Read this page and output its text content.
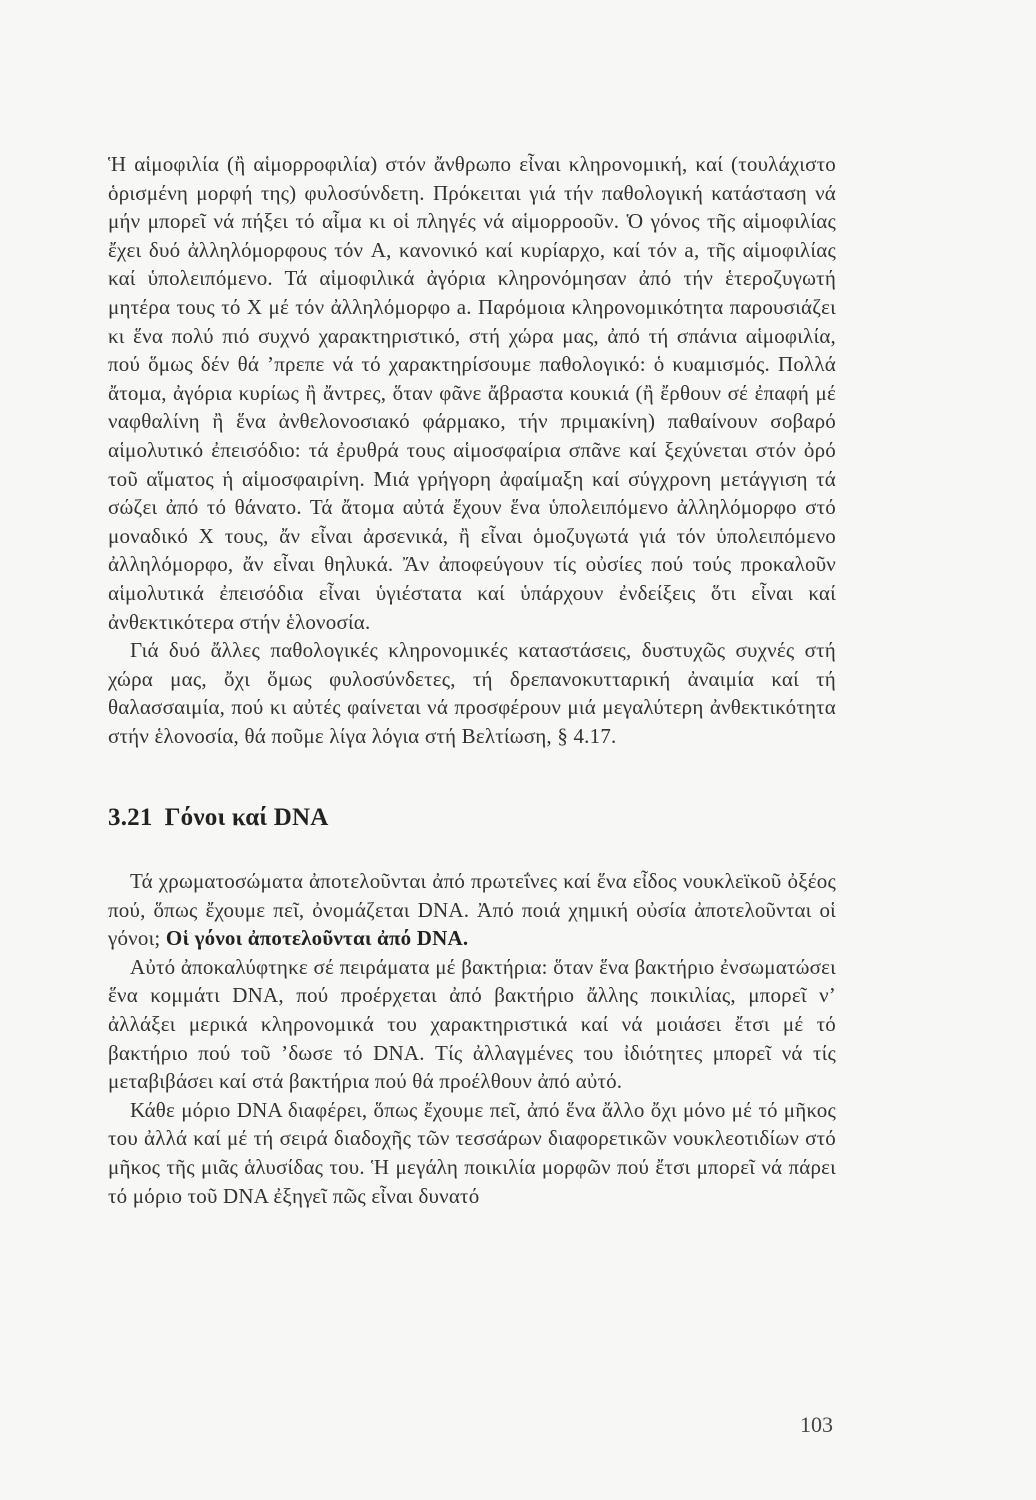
Ἡ αἱμοφιλία (ἢ αἱμορροφιλία) στόν ἄνθρωπο εἶναι κληρονομική, καί (τουλάχιστο ὁρισμένη μορφή της) φυλοσύνδετη. Πρόκειται γιά τήν παθολογική κατάσταση νά μήν μπορεῖ νά πήξει τό αἷμα κι οἱ πληγές νά αἱμορροοῦν. Ὁ γόνος τῆς αἱμοφιλίας ἔχει δυό ἀλληλόμορφους τόν A, κανονικό καί κυρίαρχο, καί τόν a, τῆς αἱμοφιλίας καί ὑπολειπόμενο. Τά αἱμοφιλικά ἀγόρια κληρονόμησαν ἀπό τήν ἑτεροζυγωτή μητέρα τους τό X μέ τόν ἀλληλόμορφο a. Παρόμοια κληρονομικότητα παρουσιάζει κι ἕνα πολύ πιό συχνό χαρακτηριστικό, στή χώρα μας, ἀπό τή σπάνια αἱμοφιλία, πού ὅμως δέν θά ’πρεπε νά τό χαρακτηρίσουμε παθολογικό: ὁ κυαμισμός. Πολλά ἄτομα, ἀγόρια κυρίως ἢ ἄντρες, ὅταν φᾶνε ἄβραστα κουκιά (ἢ ἔρθουν σέ ἐπαφή μέ ναφθαλίνη ἢ ἕνα ἀνθελονοσιακό φάρμακο, τήν πριμακίνη) παθαίνουν σοβαρό αἱμολυτικό ἐπεισόδιο: τά ἐρυθρά τους αἱμοσφαίρια σπᾶνε καί ξεχύνεται στόν ὀρό τοῦ αἵματος ἡ αἱμοσφαιρίνη. Μιά γρήγορη ἀφαίμαξη καί σύγχρονη μετάγγιση τά σώζει ἀπό τό θάνατο. Τά ἄτομα αὐτά ἔχουν ἕνα ὑπολειπόμενο ἀλληλόμορφο στό μοναδικό X τους, ἄν εἶναι ἀρσενικά, ἢ εἶναι ὁμοζυγωτά γιά τόν ὑπολειπόμενο ἀλληλόμορφο, ἄν εἶναι θηλυκά. Ἄν ἀποφεύγουν τίς οὐσίες πού τούς προκαλοῦν αἱμολυτικά ἐπεισόδια εἶναι ὑγιέστατα καί ὑπάρχουν ἐνδείξεις ὅτι εἶναι καί ἀνθεκτικότερα στήν ἑλονοσία.

Γιά δυό ἄλλες παθολογικές κληρονομικές καταστάσεις, δυστυχῶς συχνές στή χώρα μας, ὄχι ὅμως φυλοσύνδετες, τή δρεπανοκυτταρική ἀναιμία καί τή θαλασσαιμία, πού κι αὐτές φαίνεται νά προσφέρουν μιά μεγαλύτερη ἀνθεκτικότητα στήν ἑλονοσία, θά ποῦμε λίγα λόγια στή Βελτίωση, § 4.17.

3.21 Γόνοι καί DNA

Τά χρωματοσώματα ἀποτελοῦνται ἀπό πρωτεΐνες καί ἕνα εἶδος νουκλεϊκοῦ ὀξέος πού, ὅπως ἔχουμε πεῖ, ὀνομάζεται DNA. Ἀπό ποιά χημική οὐσία ἀποτελοῦνται οἱ γόνοι; Οἱ γόνοι ἀποτελοῦνται ἀπό DNA.

Αὐτό ἀποκαλύφτηκε σέ πειράματα μέ βακτήρια: ὅταν ἕνα βακτήριο ἐνσωματώσει ἕνα κομμάτι DNA, πού προέρχεται ἀπό βακτήριο ἄλλης ποικιλίας, μπορεῖ ν’ ἀλλάξει μερικά κληρονομικά του χαρακτηριστικά καί νά μοιάσει ἔτσι μέ τό βακτήριο πού τοῦ ’δωσε τό DNA. Τίς ἀλλαγμένες του ἰδιότητες μπορεῖ νά τίς μεταβιβάσει καί στά βακτήρια πού θά προέλθουν ἀπό αὐτό.

Κάθε μόριο DNA διαφέρει, ὅπως ἔχουμε πεῖ, ἀπό ἕνα ἄλλο ὄχι μόνο μέ τό μῆκος του ἀλλά καί μέ τή σειρά διαδοχῆς τῶν τεσσάρων διαφορετικῶν νουκλεοτιδίων στό μῆκος τῆς μιᾶς ἁλυσίδας του. Ἡ μεγάλη ποικιλία μορφῶν πού ἔτσι μπορεῖ νά πάρει τό μόριο τοῦ DNA ἐξηγεῖ πῶς εἶναι δυνατό

103
